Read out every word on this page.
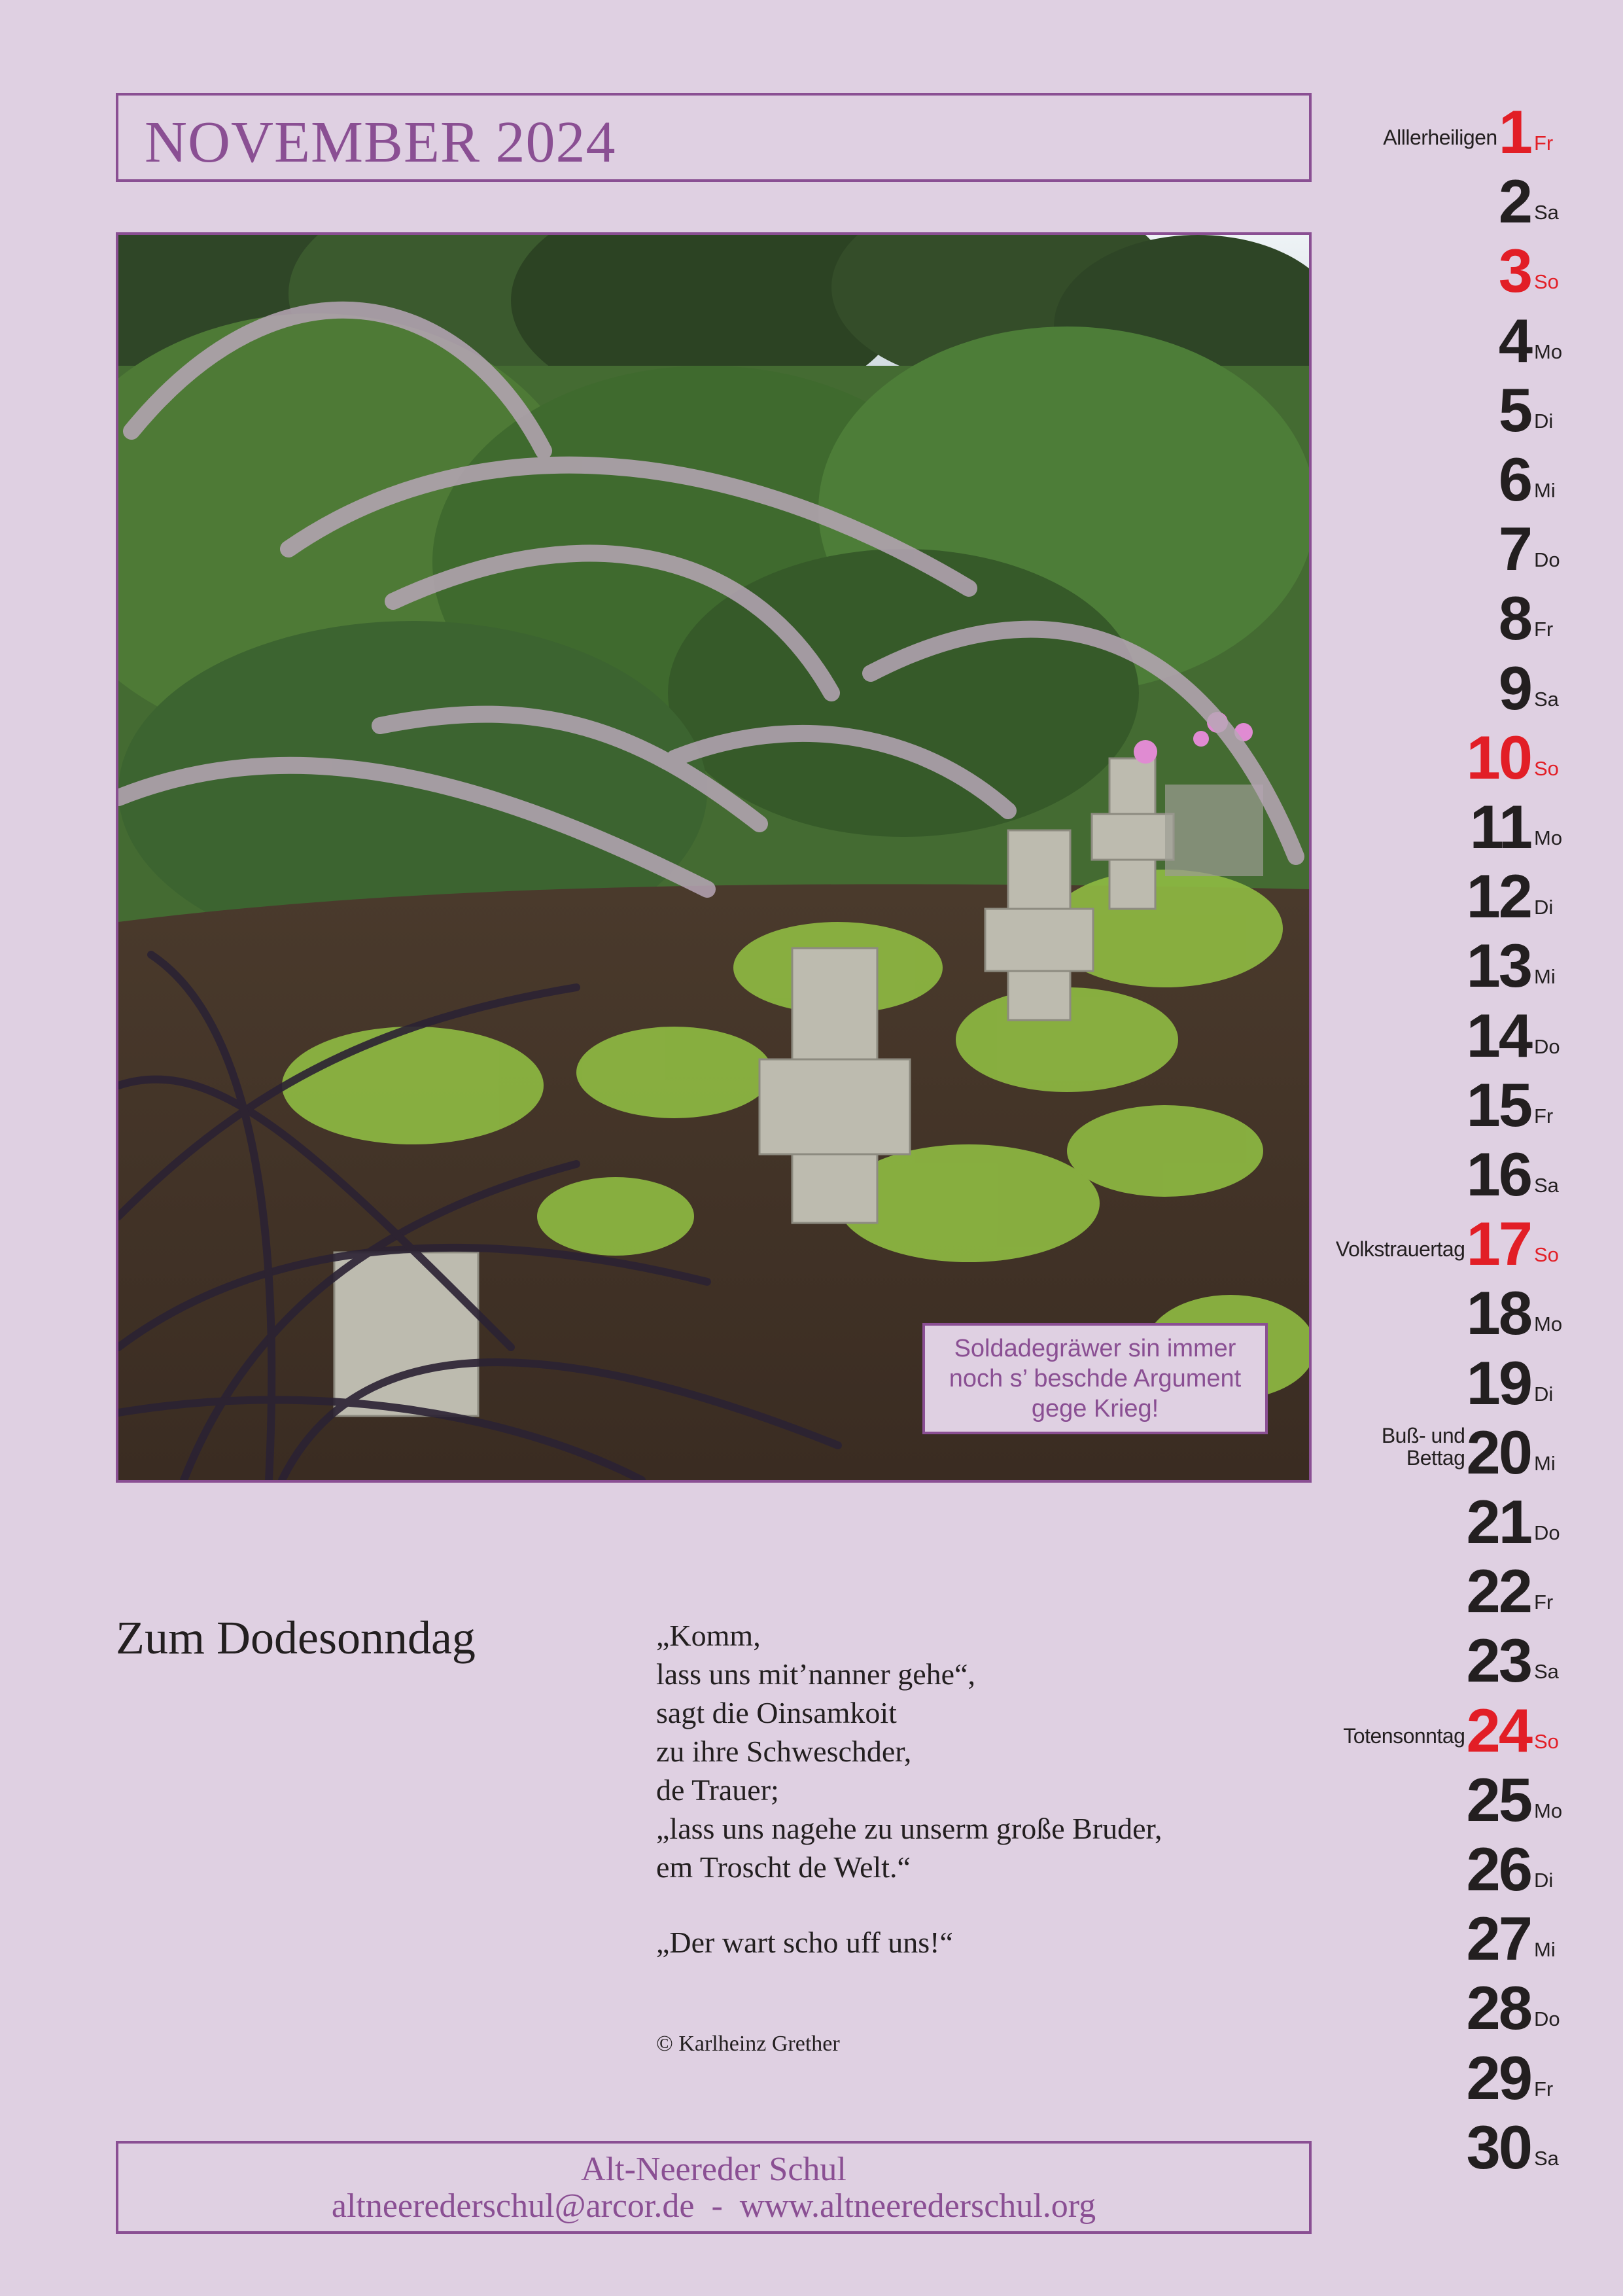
NOVEMBER 2024
Soldadegräwer sin immer
noch s’ beschde Argument
gege Krieg!
Zum Dodesonndag	„Komm,
lass uns mit’nanner gehe“,
sagt die Oinsamkoit
zu ihre Schweschder,
de Trauer;
„lass uns nagehe zu unserm große Bruder,
em Troscht de Welt.“
„Der wart scho uff uns!“
© Karlheinz Grether
Alt-Neereder Schul
altneerederschul@arcor.de  -  www.altneerederschul.org
Alllerheiligen 1 Fr
2 Sa
3 So
4 Mo
5 Di
6 Mi
7 Do
8 Fr
9 Sa
10 So
11 Mo
12 Di
13 Mi
14 Do
15 Fr
16 Sa
Volkstrauertag 17 So
18 Mo
19 Di
Buß- und
Bettag 20 Mi
21 Do
22 Fr
23 Sa
Totensonntag 24 So
25 Mo
26 Di
27 Mi
28 Do
29 Fr
30 Sa
